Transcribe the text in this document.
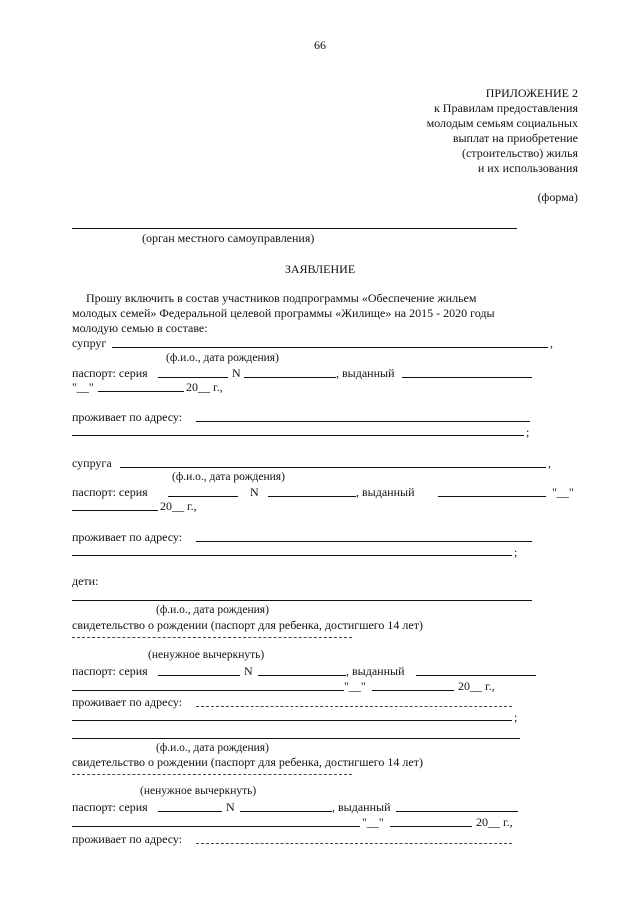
66
ПРИЛОЖЕНИЕ 2
к Правилам предоставления
молодым семьям социальных
выплат на приобретение
(строительство) жилья
и их использования
(форма)
(орган местного самоуправления)
ЗАЯВЛЕНИЕ
Прошу включить в состав участников подпрограммы «Обеспечение жильем
молодых семей» Федеральной целевой программы «Жилище» на 2015 - 2020 годы
молодую семью в составе:
супруг	,
(ф.и.о., дата рождения)
паспорт: серия	N	, выданный
"__"	20__ г.,
проживает по адресу:
;
супруга	,
(ф.и.о., дата рождения)
паспорт: серия	N	, выданный	"__"
20__ г.,
проживает по адресу:
;
дети:
(ф.и.о., дата рождения)
свидетельство о рождении (паспорт для ребенка, достигшего 14 лет)
(ненужное вычеркнуть)
паспорт: серия	N	, выданный
"__"	20__ г.,
проживает по адресу:
;
(ф.и.о., дата рождения)
свидетельство о рождении (паспорт для ребенка, достигшего 14 лет)
(ненужное вычеркнуть)
паспорт: серия	N	, выданный
"__"	20__ г.,
проживает по адресу:
